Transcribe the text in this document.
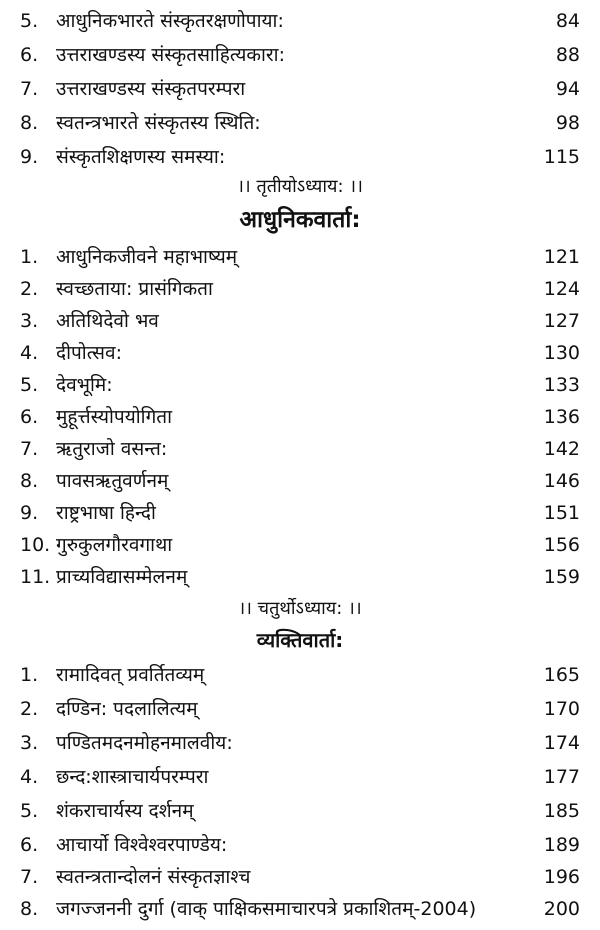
5. आधुनिकभारते संस्कृतरक्षणोपाया:	84
6. उत्तराखण्डस्य संस्कृतसाहित्यकारा:	88
7. उत्तराखण्डस्य संस्कृतपरम्परा	94
8. स्वतन्त्रभारते संस्कृतस्य स्थिति:	98
9. संस्कृतशिक्षणस्य समस्या:	115
।। तृतीयोऽध्याय: ।।
आधुनिकवार्ता:
1. आधुनिकजीवने महाभाष्यम्	121
2. स्वच्छताया: प्रासंगिकता	124
3. अतिथिदेवो भव	127
4. दीपोत्सव:	130
5. देवभूमि:	133
6. मुहूर्त्तस्योपयोगिता	136
7. ऋतुराजो वसन्त:	142
8. पावसऋतुवर्णनम्	146
9. राष्ट्रभाषा हिन्दी	151
10. गुरुकुलगौरवगाथा	156
11. प्राच्यविद्यासम्मेलनम्	159
।। चतुर्थोऽध्याय: ।।
व्यक्तिवार्ता:
1. रामादिवत् प्रवर्तितव्यम्	165
2. दण्डिन: पदलालित्यम्	170
3. पण्डितमदनमोहनमालवीय:	174
4. छन्द:शास्त्राचार्यपरम्परा	177
5. शंकराचार्यस्य दर्शनम्	185
6. आचार्यो विश्वेश्वरपाण्डेय:	189
7. स्वतन्त्रतान्दोलनं संस्कृतज्ञाश्च	196
8. जगज्जननी दुर्गा (वाक् पाक्षिकसमाचारपत्रे प्रकाशितम्-2004)	200
